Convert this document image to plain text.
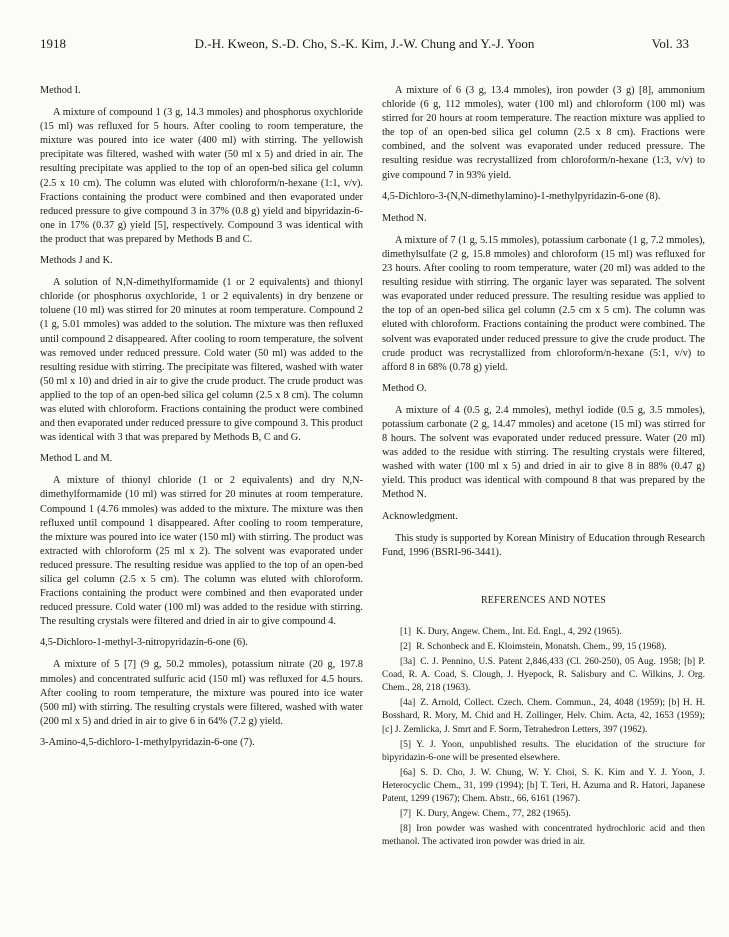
1918	D.-H. Kweon, S.-D. Cho, S.-K. Kim, J.-W. Chung and Y.-J. Yoon	Vol. 33
Method I.

A mixture of compound 1 (3 g, 14.3 mmoles) and phosphorus oxychloride (15 ml) was refluxed for 5 hours. After cooling to room temperature, the mixture was poured into ice water (400 ml) with stirring. The yellowish precipitate was filtered, washed with water (50 ml x 5) and dried in air. The resulting precipitate was applied to the top of an open-bed silica gel column (2.5 x 10 cm). The column was eluted with chloroform/n-hexane (1:1, v/v). Fractions containing the product were combined and then evaporated under reduced pressure to give compound 3 in 37% (0.8 g) yield and bipyridazin-6-one in 17% (0.37 g) yield [5], respectively. Compound 3 was identical with the product that was prepared by Methods B and C.

Methods J and K.

A solution of N,N-dimethylformamide (1 or 2 equivalents) and thionyl chloride (or phosphorus oxychloride, 1 or 2 equivalents) in dry benzene or toluene (10 ml) was stirred for 20 minutes at room temperature. Compound 2 (1 g, 5.01 mmoles) was added to the solution. The mixture was then refluxed until compound 2 disappeared. After cooling to room temperature, the solvent was removed under reduced pressure. Cold water (50 ml) was added to the resulting residue with stirring. The precipitate was filtered, washed with water (50 ml x 10) and dried in air to give the crude product. The crude product was applied to the top of an open-bed silica gel column (2.5 x 8 cm). The column was eluted with chloroform. Fractions containing the product were combined and then evaporated under reduced pressure to give compound 3. This product was identical with 3 that was prepared by Methods B, C and G.

Method L and M.

A mixture of thionyl chloride (1 or 2 equivalents) and dry N,N-dimethylformamide (10 ml) was stirred for 20 minutes at room temperature. Compound 1 (4.76 mmoles) was added to the mixture. The mixture was then refluxed until compound 1 disappeared. After cooling to room temperature, the mixture was poured into ice water (150 ml) with stirring. The product was extracted with chloroform (25 ml x 2). The solvent was evaporated under reduced pressure. The resulting residue was applied to the top of an open-bed silica gel column (2.5 x 5 cm). The column was eluted with chloroform. Fractions containing the product were combined and then evaporated under reduced pressure. Cold water (100 ml) was added to the residue with stirring. The resulting crystals were filtered and dried in air to give compound 4.

4,5-Dichloro-1-methyl-3-nitropyridazin-6-one (6).

A mixture of 5 [7] (9 g, 50.2 mmoles), potassium nitrate (20 g, 197.8 mmoles) and concentrated sulfuric acid (150 ml) was refluxed for 4.5 hours. After cooling to room temperature, the mixture was poured into ice water (500 ml) with stirring. The resulting crystals were filtered, washed with water (200 ml x 5) and dried in air to give 6 in 64% (7.2 g) yield.

3-Amino-4,5-dichloro-1-methylpyridazin-6-one (7).

A mixture of 6 (3 g, 13.4 mmoles), iron powder (3 g) [8], ammonium chloride (6 g, 112 mmoles), water (100 ml) and chloroform (100 ml) was stirred for 20 hours at room temperature. The reaction mixture was applied to the top of an open-bed silica gel column (2.5 x 8 cm). Fractions were combined, and the solvent was evaporated under reduced pressure. The resulting residue was recrystallized from chloroform/n-hexane (1:3, v/v) to give compound 7 in 93% yield.

4,5-Dichloro-3-(N,N-dimethylamino)-1-methylpyridazin-6-one (8).
Method N.

A mixture of 7 (1 g, 5.15 mmoles), potassium carbonate (1 g, 7.2 mmoles), dimethylsulfate (2 g, 15.8 mmoles) and chloroform (15 ml) was refluxed for 23 hours. After cooling to room temperature, water (20 ml) was added to the resulting residue with stirring. The organic layer was separated. The solvent was evaporated under reduced pressure. The resulting residue was applied to the top of an open-bed silica gel column (2.5 cm x 5 cm). The column was eluted with chloroform. Fractions containing the product were combined. The solvent was evaporated under reduced pressure to give the crude product. The crude product was recrystallized from chloroform/n-hexane (5:1, v/v) to afford 8 in 68% (0.78 g) yield.

Method O.

A mixture of 4 (0.5 g, 2.4 mmoles), methyl iodide (0.5 g, 3.5 mmoles), potassium carbonate (2 g, 14.47 mmoles) and acetone (15 ml) was stirred for 8 hours. The solvent was evaporated under reduced pressure. Water (20 ml) was added to the residue with stirring. The resulting crystals were filtered, washed with water (100 ml x 5) and dried in air to give 8 in 88% (0.47 g) yield. This product was identical with compound 8 that was prepared by the Method N.

Acknowledgment.

This study is supported by Korean Ministry of Education through Research Fund, 1996 (BSRI-96-3441).

REFERENCES AND NOTES
[1] K. Dury, Angew. Chem., Int. Ed. Engl., 4, 292 (1965).
[2] R. Schonbeck and E. Kloimstein, Monatsh. Chem., 99, 15 (1968).
[3a] C. J. Pennino, U.S. Patent 2,846,433 (Cl. 260-250), 05 Aug. 1958; [b] P. Coad, R. A. Coad, S. Clough, J. Hyepock, R. Salisbury and C. Wilkins, J. Org. Chem., 28, 218 (1963).
[4a] Z. Arnold, Collect. Czech. Chem. Commun., 24, 4048 (1959); [b] H. H. Bosshard, R. Mory, M. Chid and H. Zollinger, Helv. Chim. Acta, 42, 1653 (1959); [c] J. Zemlicka, J. Smrt and F. Sorm, Tetrahedron Letters, 397 (1962).
[5] Y. J. Yoon, unpublished results. The elucidation of the structure for bipyridazin-6-one will be presented elsewhere.
[6a] S. D. Cho, J. W. Chung, W. Y. Choi, S. K. Kim and Y. J. Yoon, J. Heterocyclic Chem., 31, 199 (1994); [b] T. Teri, H. Azuma and R. Hatori, Japanese Patent, 1299 (1967); Chem. Abstr., 66, 6161 (1967).
[7] K. Dury, Angew. Chem., 77, 282 (1965).
[8] Iron powder was washed with concentrated hydrochloric acid and then methanol. The activated iron powder was dried in air.
